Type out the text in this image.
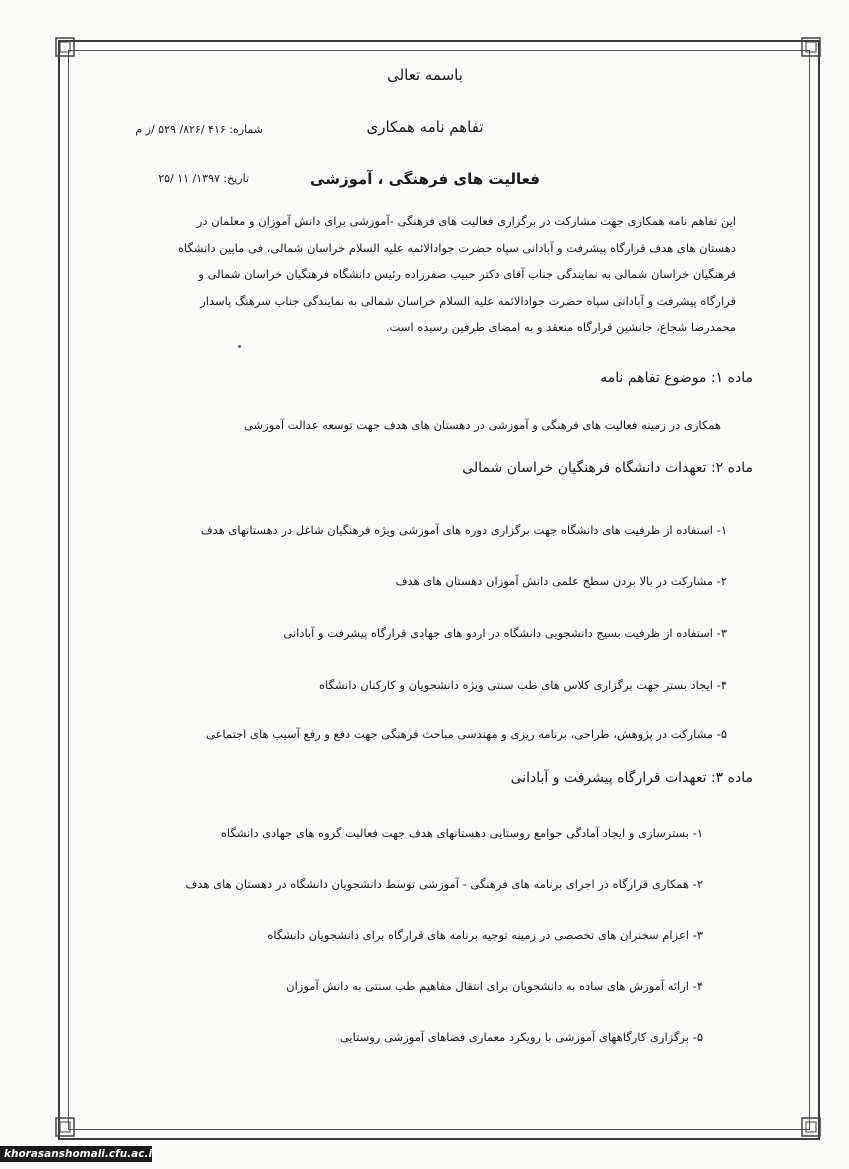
باسمه تعالی
تفاهم نامه همکاری
شماره: ۴۱۶ /۸۲۶/ ۵۲۹ /ز م
فعالیت های فرهنگی ، آموزشی
تاریخ: ۱۳۹۷/ ۱۱ /۲۵

این تفاهم نامه همکاری جهت مشارکت در برگزاری فعالیت های فرهنگی -آموزشی برای دانش آموزان و معلمان در

دهستان های هدف قرارگاه پیشرفت و آبادانی سپاه حضرت جوادالائمه علیه السلام خراسان شمالی، فی مابین دانشگاه

فرهنگیان خراسان شمالی به نمایندگی جناب آقای دکتر حبیب صفرزاده رئیس دانشگاه فرهنگیان خراسان شمالی و

قرارگاه پیشرفت و آبادانی سپاه حضرت جوادالائمه علیه السلام خراسان شمالی به نمایندگی جناب سرهنگ پاسدار

محمدرضا شجاع، جانشین قرارگاه منعقد و به امضای طرفین رسیده است.

ماده ۱: موضوع تفاهم نامه
همکاری در زمینه فعالیت های فرهنگی و آموزشی در دهستان های هدف جهت توسعه عدالت آموزشی
ماده ۲: تعهدات دانشگاه فرهنگیان خراسان شمالی
۱- استفاده از ظرفیت های دانشگاه جهت برگزاری دوره های آموزشی ویژه فرهنگیان شاغل در دهستانهای هدف
۲- مشارکت در بالا بردن سطح علمی دانش آموزان دهستان های هدف
۳- استفاده از ظرفیت بسیج دانشجویی دانشگاه در اردو های جهادی قرارگاه پیشرفت و آبادانی
۴- ایجاد بستر جهت برگزاری کلاس های طب سنتی ویژه دانشجویان و کارکنان دانشگاه
۵- مشارکت در پژوهش، طراحی، برنامه ریزی و مهندسی مباحث فرهنگی جهت دفع و رفع آسیب های اجتماعی
ماده ۳: تعهدات قرارگاه پیشرفت و آبادانی
۱- بسترسازی و ایجاد آمادگی جوامع روستایی دهستانهای هدف جهت فعالیت گروه های جهادی دانشگاه
۲- همکاری قرارگاه در اجرای برنامه های فرهنگی - آموزشی توسط دانشجویان دانشگاه در دهستان های هدف
۳- اعزام سخنران های تخصصی در زمینه توجیه برنامه های قرارگاه برای دانشجویان دانشگاه
۴- ارائه آموزش های ساده به دانشجویان برای انتقال مفاهیم طب سنتی به دانش آموزان
۵- برگزاری کارگاههای آموزشی با رویکرد معماری فضاهای آموزشی روستایی
khorasanshomali.cfu.ac.ir
